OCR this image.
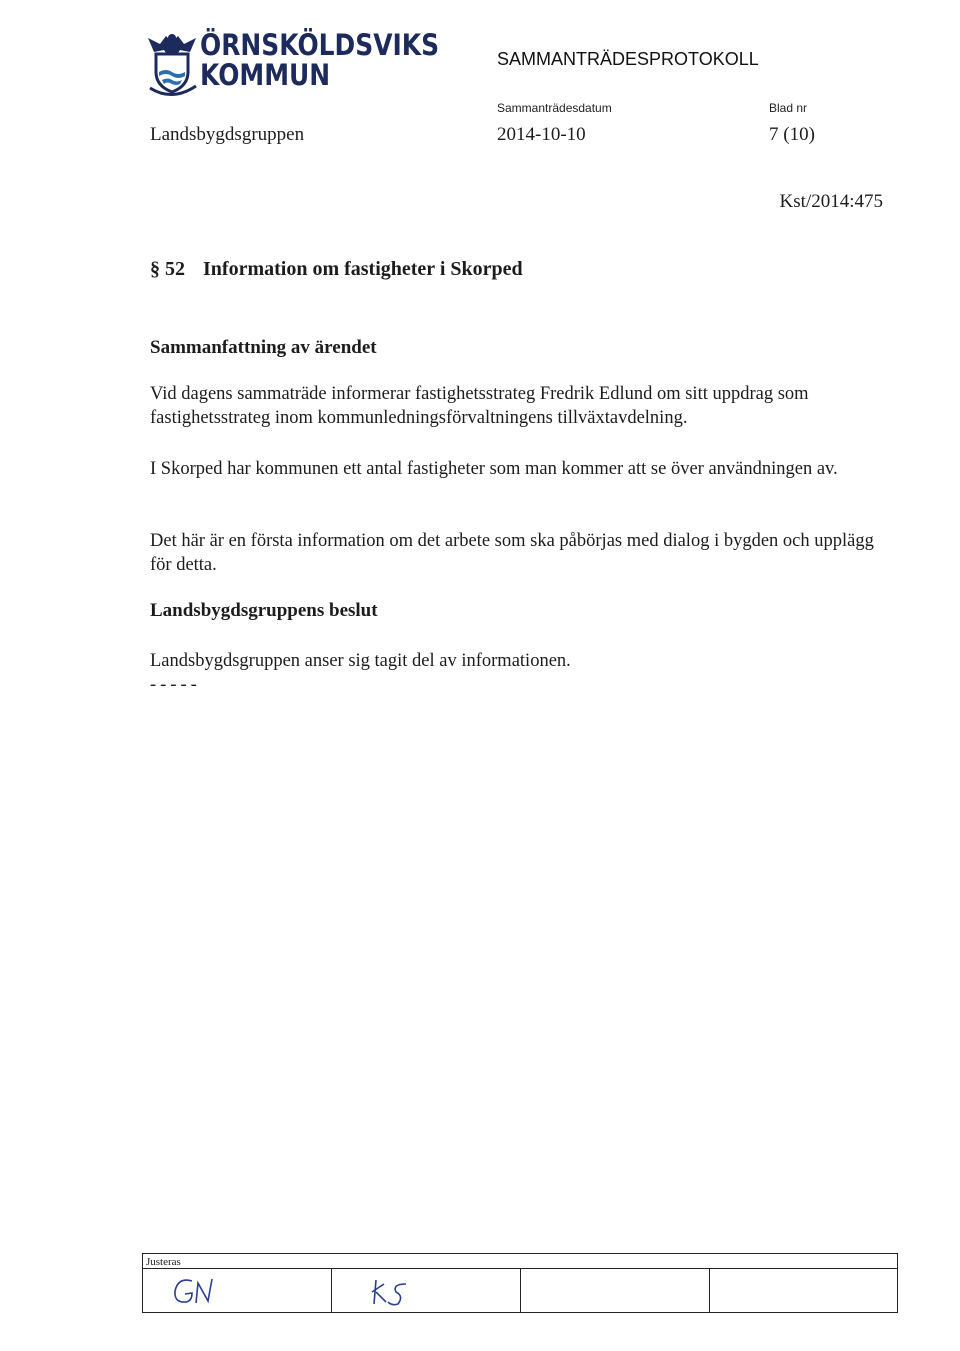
ÖRNSKÖLDSVIKS
KOMMUN	SAMMANTRÄDESPROTOKOLL
Sammanträdesdatum	Blad nr
Landsbygdsgruppen	2014-10-10	7 (10)
Kst/2014:475
§ 52 Information om fastigheter i Skorped
Sammanfattning av ärendet
Vid dagens sammaträde informerar fastighetsstrateg Fredrik Edlund om sitt uppdrag som fastighetsstrateg inom kommunledningsförvaltningens tillväxtavdelning.
I Skorped har kommunen ett antal fastigheter som man kommer att se över användningen av.
Det här är en första information om det arbete som ska påbörjas med dialog i bygden och upplägg för detta.
Landsbygdsgruppens beslut
Landsbygdsgruppen anser sig tagit del av informationen.
-----
Justeras
